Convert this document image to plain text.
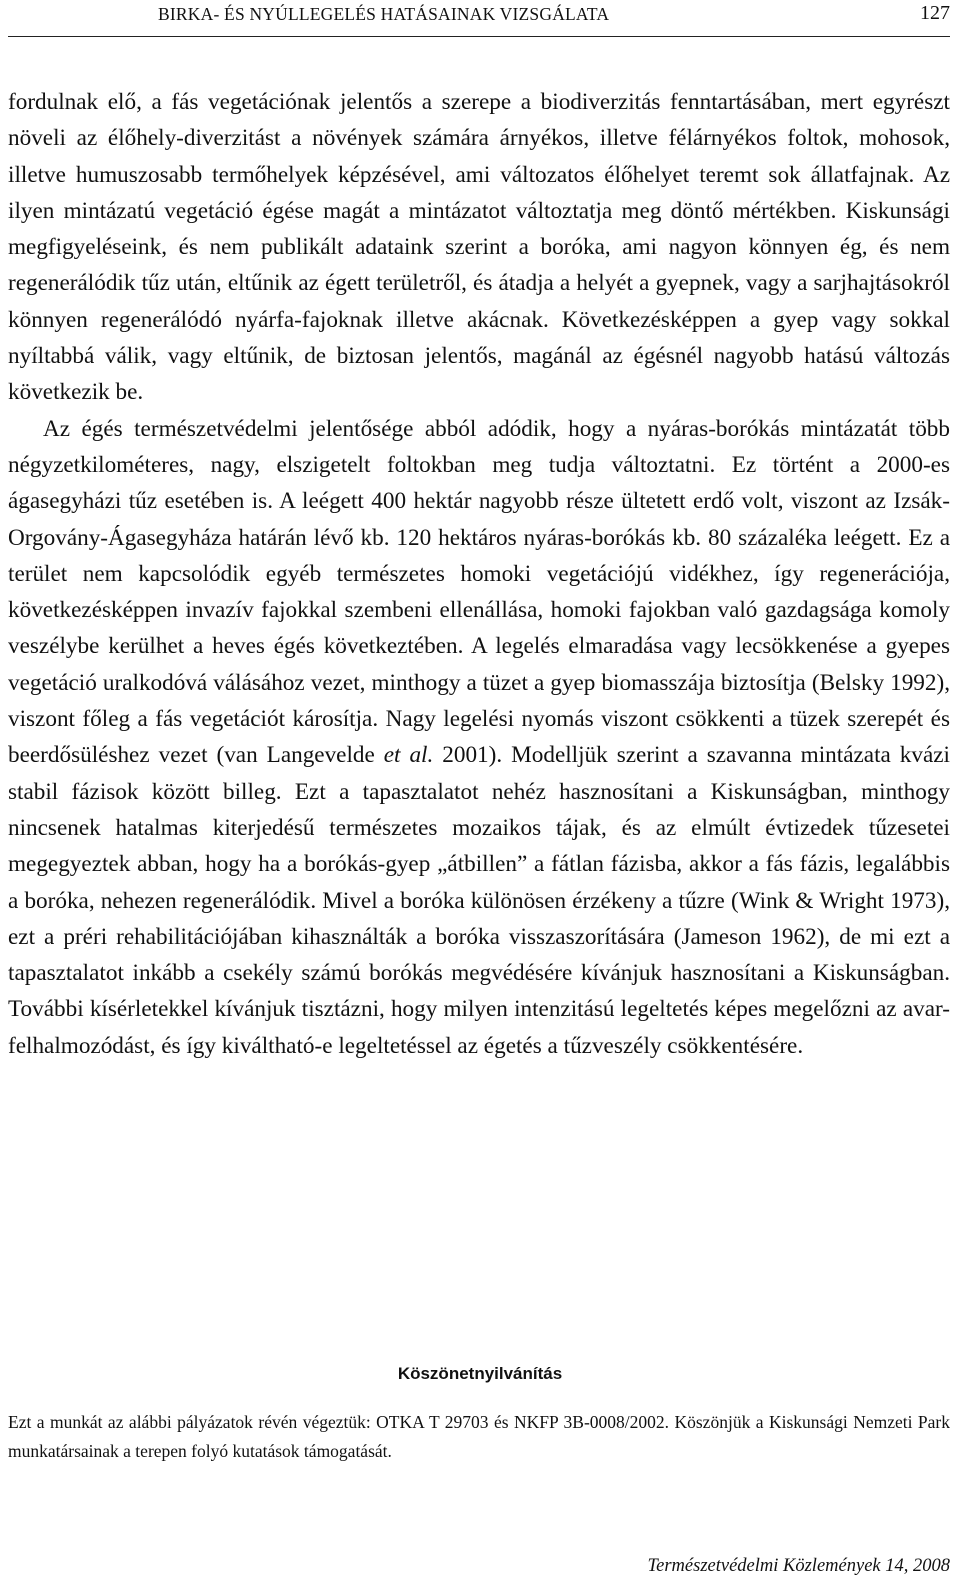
BIRKA- ÉS NYÚLLEGELÉS HATÁSAINAK VIZSGÁLATA	127

fordulnak elő, a fás vegetációnak jelentős a szerepe a biodiverzitás fenntartásában, mert egyrészt növeli az élőhely-diverzitást a növények számára árnyékos, illetve félárnyékos foltok, mohosok, illetve humuszosabb termőhelyek képzésével, ami változatos élőhelyet teremt sok állatfajnak. Az ilyen mintázatú vegetáció égése magát a mintázatot változtatja meg döntő mértékben. Kiskunsági megfigyeléseink, és nem publikált adataink szerint a boróka, ami nagyon könnyen ég, és nem regenerálódik tűz után, eltűnik az égett területről, és átadja a helyét a gyepnek, vagy a sarjhajtásokról könnyen regenerálódó nyárfa-fajoknak illetve akácnak. Következésképpen a gyep vagy sokkal nyíltabbá válik, vagy eltűnik, de biztosan jelentős, magánál az égésnél nagyobb hatású változás következik be.

Az égés természetvédelmi jelentősége abból adódik, hogy a nyáras-borókás mintázatát több négyzetkilométeres, nagy, elszigetelt foltokban meg tudja változtatni. Ez történt a 2000-es ágasegyházi tűz esetében is. A leégett 400 hektár nagyobb része ültetett erdő volt, viszont az Izsák-Orgovány-Ágasegyháza határán lévő kb. 120 hektáros nyáras-borókás kb. 80 százaléka leégett. Ez a terület nem kapcsolódik egyéb természetes homoki vegetációjú vidékhez, így regenerációja, következésképpen invazív fajokkal szembeni ellenállása, homoki fajokban való gazdagsága komoly veszélybe kerülhet a heves égés következtében. A legelés elmaradása vagy lecsökkenése a gyepes vegetáció uralkodóvá válásához vezet, minthogy a tüzet a gyep biomasszája biztosítja (Belsky 1992), viszont főleg a fás vegetációt károsítja. Nagy legelési nyomás viszont csökkenti a tüzek szerepét és beerdősüléshez vezet (van Langevelde et al. 2001). Modelljük szerint a szavanna mintázata kvázi stabil fázisok között billeg. Ezt a tapasztalatot nehéz hasznosítani a Kiskunságban, minthogy nincsenek hatalmas kiterjedésű természetes mozaikos tájak, és az elmúlt évtizedek tűzesetei megegyeztek abban, hogy ha a borókás-gyep „átbillen” a fátlan fázisba, akkor a fás fázis, legalábbis a boróka, nehezen regenerálódik. Mivel a boróka különösen érzékeny a tűzre (Wink & Wright 1973), ezt a préri rehabilitációjában kihasználták a boróka visszaszorítására (Jameson 1962), de mi ezt a tapasztalatot inkább a csekély számú borókás megvédésére kívánjuk hasznosítani a Kiskunságban. További kísérletekkel kívánjuk tisztázni, hogy milyen intenzitású legeltetés képes megelőzni az avar-felhalmozódást, és így kiváltható-e legeltetéssel az égetés a tűzveszély csökkentésére.

Köszönetnyilvánítás
Ezt a munkát az alábbi pályázatok révén végeztük: OTKA T 29703 és NKFP 3B-0008/2002. Köszönjük a Kiskunsági Nemzeti Park munkatársainak a terepen folyó kutatások támogatását.
Természetvédelmi Közlemények 14, 2008
